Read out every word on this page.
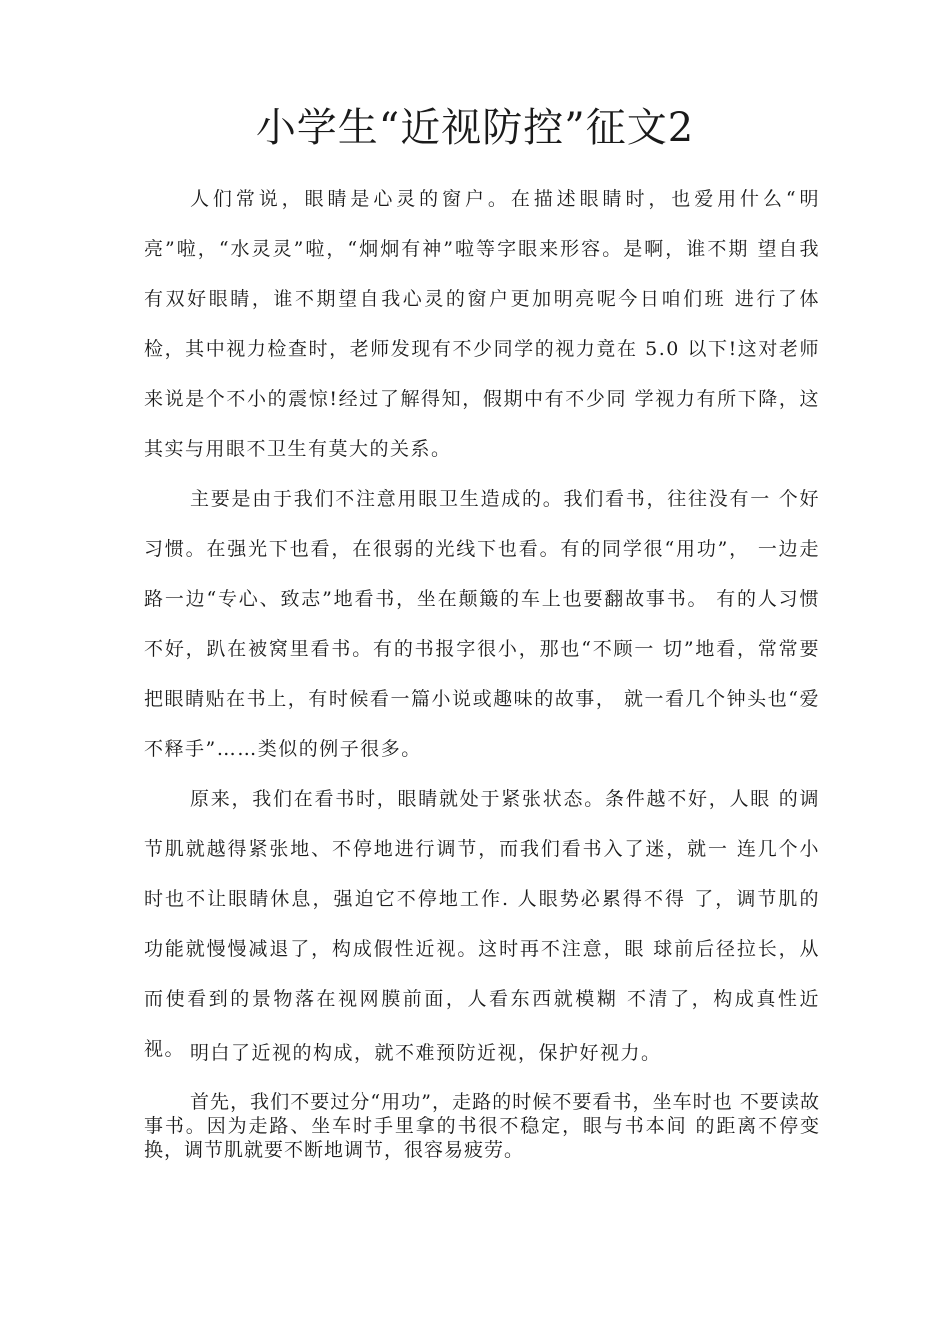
小学生“近视防控”征文2

人们常说，眼睛是心灵的窗户。在描述眼睛时，也爱用什么“明亮”啦，“水灵灵”啦，“炯炯有神”啦等字眼来形容。是啊，谁不期 望自我有双好眼睛，谁不期望自我心灵的窗户更加明亮呢今日咱们班 进行了体检，其中视力检查时，老师发现有不少同学的视力竟在 5.0 以下!这对老师来说是个不小的震惊!经过了解得知，假期中有不少同 学视力有所下降，这其实与用眼不卫生有莫大的关系。

主要是由于我们不注意用眼卫生造成的。我们看书，往往没有一 个好习惯。在强光下也看，在很弱的光线下也看。有的同学很“用功”， 一边走路一边“专心、致志”地看书，坐在颠簸的车上也要翻故事书。 有的人习惯不好，趴在被窝里看书。有的书报字很小，那也“不顾一 切”地看，常常要把眼睛贴在书上，有时候看一篇小说或趣味的故事， 就一看几个钟头也“爱不释手”……类似的例子很多。

原来，我们在看书时，眼睛就处于紧张状态。条件越不好，人眼 的调节肌就越得紧张地、不停地进行调节，而我们看书入了迷，就一 连几个小时也不让眼睛休息，强迫它不停地工作. 人眼势必累得不得 了，调节肌的功能就慢慢减退了，构成假性近视。这时再不注意，眼 球前后径拉长，从而使看到的景物落在视网膜前面，人看东西就模糊 不清了，构成真性近视。 明白了近视的构成，就不难预防近视，保护好视力。

首先，我们不要过分“用功”，走路的时候不要看书，坐车时也 不要读故事书。因为走路、坐车时手里拿的书很不稳定，眼与书本间 的距离不停变换，调节肌就要不断地调节，很容易疲劳。
